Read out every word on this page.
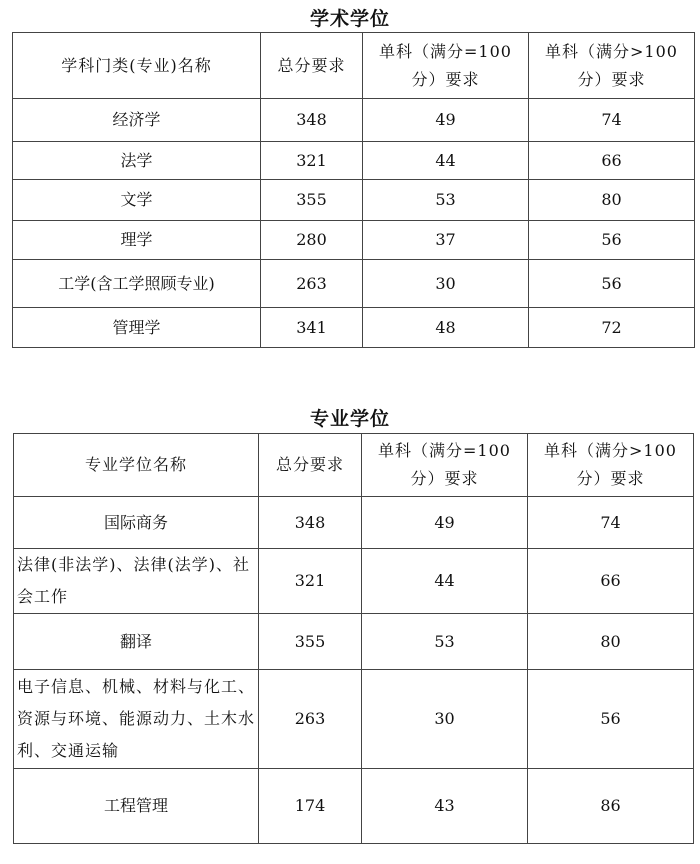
学术学位
学科门类(专业)名称	总分要求	单科（满分=100 分）要求	单科（满分>100 分）要求
经济学	348	49	74
法学	321	44	66
文学	355	53	80
理学	280	37	56
工学(含工学照顾专业)	263	30	56
管理学	341	48	72
专业学位
专业学位名称	总分要求	单科（满分=100 分）要求	单科（满分>100 分）要求
国际商务	348	49	74
法律(非法学)、法律(法学)、社会工作	321	44	66
翻译	355	53	80
电子信息、机械、材料与化工、资源与环境、能源动力、土木水利、交通运输	263	30	56
工程管理	174	43	86
